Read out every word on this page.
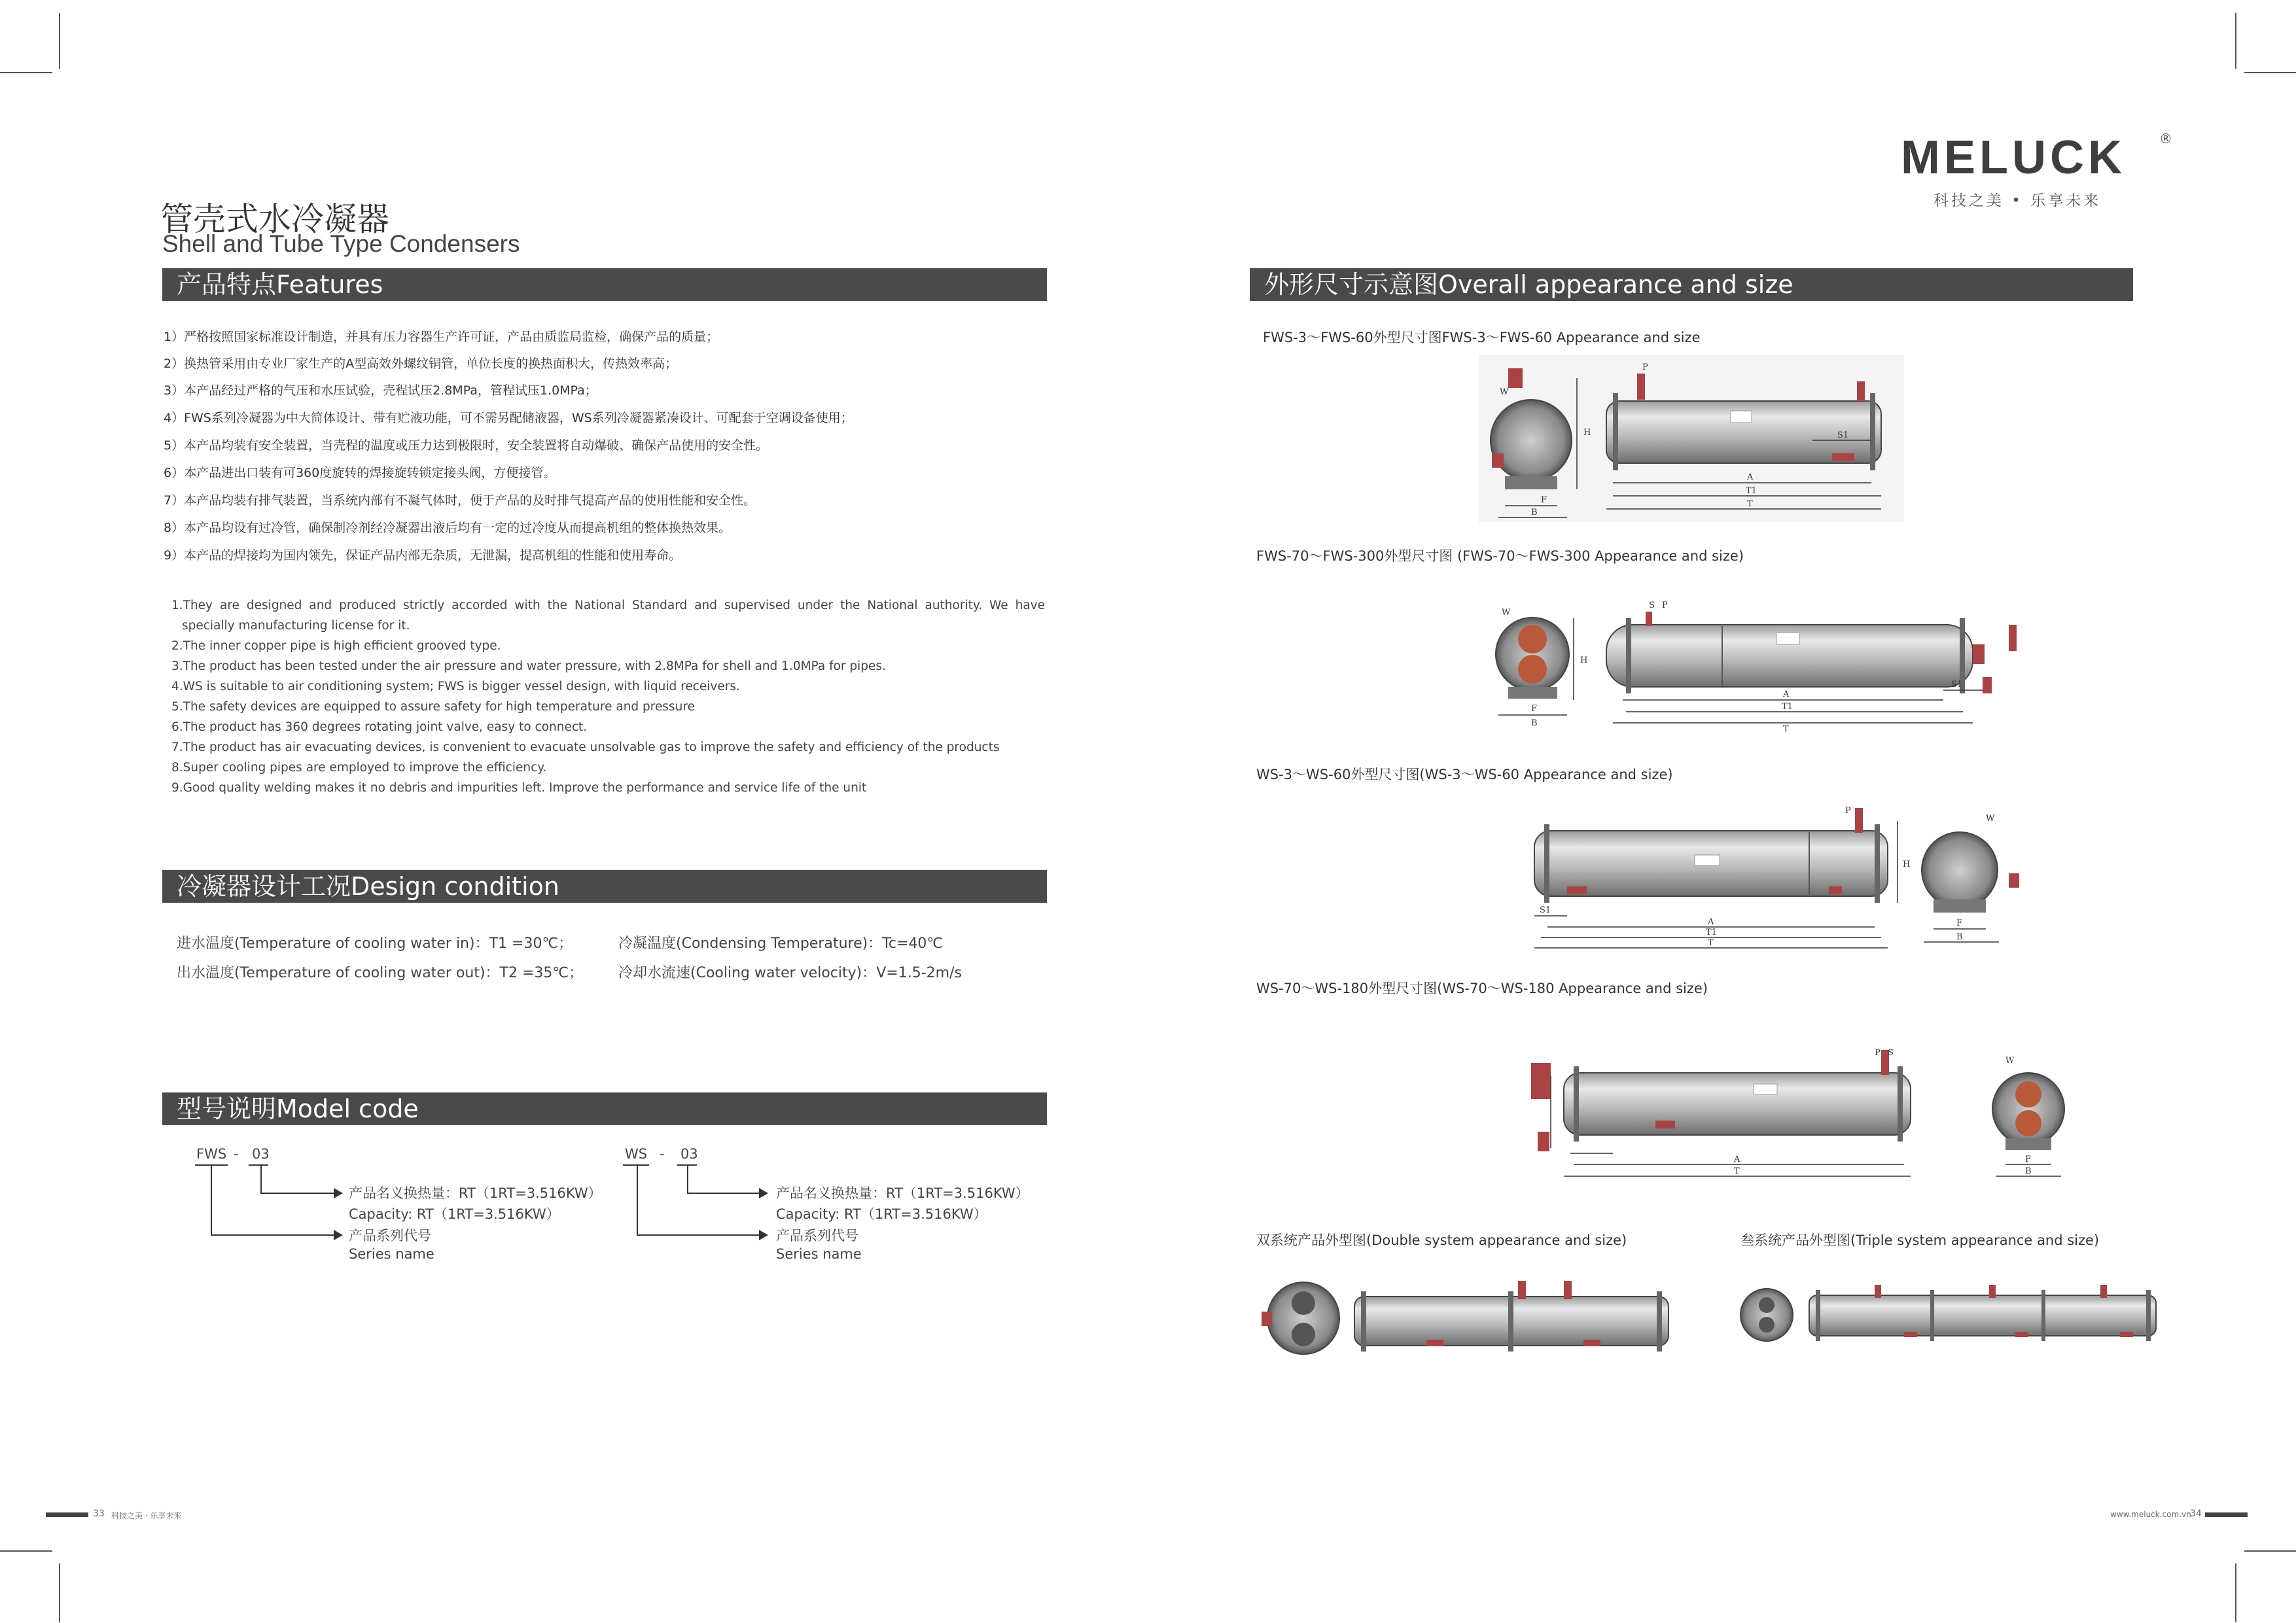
MELUCK	®
科技之美 • 乐享未来
管壳式水冷凝器
Shell and Tube Type Condensers
产品特点Features
1）严格按照国家标准设计制造，并具有压力容器生产许可证，产品由质监局监检，确保产品的质量；
2）换热管采用由专业厂家生产的A型高效外螺纹铜管，单位长度的换热面积大，传热效率高；
3）本产品经过严格的气压和水压试验，壳程试压2.8MPa，管程试压1.0MPa；
4）FWS系列冷凝器为中大简体设计、带有贮液功能，可不需另配储液器，WS系列冷凝器紧凑设计、可配套于空调设备使用；
5）本产品均装有安全装置，当壳程的温度或压力达到极限时，安全装置将自动爆破、确保产品使用的安全性。
6）本产品进出口装有可360度旋转的焊接旋转锁定接头阀，方便接管。
7）本产品均装有排气装置，当系统内部有不凝气体时，便于产品的及时排气提高产品的使用性能和安全性。
8）本产品均设有过冷管，确保制冷剂经冷凝器出液后均有一定的过冷度从而提高机组的整体换热效果。
9）本产品的焊接均为国内领先，保证产品内部无杂质，无泄漏，提高机组的性能和使用寿命。
1.They are designed and produced strictly accorded with the National Standard and supervised under the National authority. We have
specially manufacturing license for it.
2.The inner copper pipe is high efficient grooved type.
3.The product has been tested under the air pressure and water pressure, with 2.8MPa for shell and 1.0MPa for pipes.
4.WS is suitable to air conditioning system; FWS is bigger vessel design, with liquid receivers.
5.The safety devices are equipped to assure safety for high temperature and pressure
6.The product has 360 degrees rotating joint valve, easy to connect.
7.The product has air evacuating devices, is convenient to evacuate unsolvable gas to improve the safety and efficiency of the products
8.Super cooling pipes are employed to improve the efficiency.
9.Good quality welding makes it no debris and impurities left. Improve the performance and service life of the unit
冷凝器设计工况Design condition
进水温度(Temperature of cooling water in)：T1 =30℃；	冷凝温度(Condensing Temperature)：Tc=40℃
出水温度(Temperature of cooling water out)：T2 =35℃； 冷却水流速(Cooling water velocity)：V=1.5-2m/s
型号说明Model code
FWS - 03
产品名义换热量：RT（1RT=3.516KW）
Capacity: RT（1RT=3.516KW）
产品系列代号
Series name
WS - 03
产品名义换热量：RT（1RT=3.516KW）
Capacity: RT（1RT=3.516KW）
产品系列代号
Series name
外形尺寸示意图Overall appearance and size
FWS-3～FWS-60外型尺寸图FWS-3～FWS-60 Appearance and size
FWS-70～FWS-300外型尺寸图 (FWS-70～FWS-300 Appearance and size)
WS-3～WS-60外型尺寸图(WS-3～WS-60 Appearance and size)
WS-70～WS-180外型尺寸图(WS-70～WS-180 Appearance and size)
双系统产品外型图(Double system appearance and size)	叁系统产品外型图(Triple system appearance and size)
F
B
H
A
T1
T
P
W
S1
S P
W
F
B
H
A
T1
T
S1
P
H
S1
A
T1
T
F
B
W
P S
W
A
T
F
B
33 科技之美 · 乐享未来	www.meluck.com.vn
34
